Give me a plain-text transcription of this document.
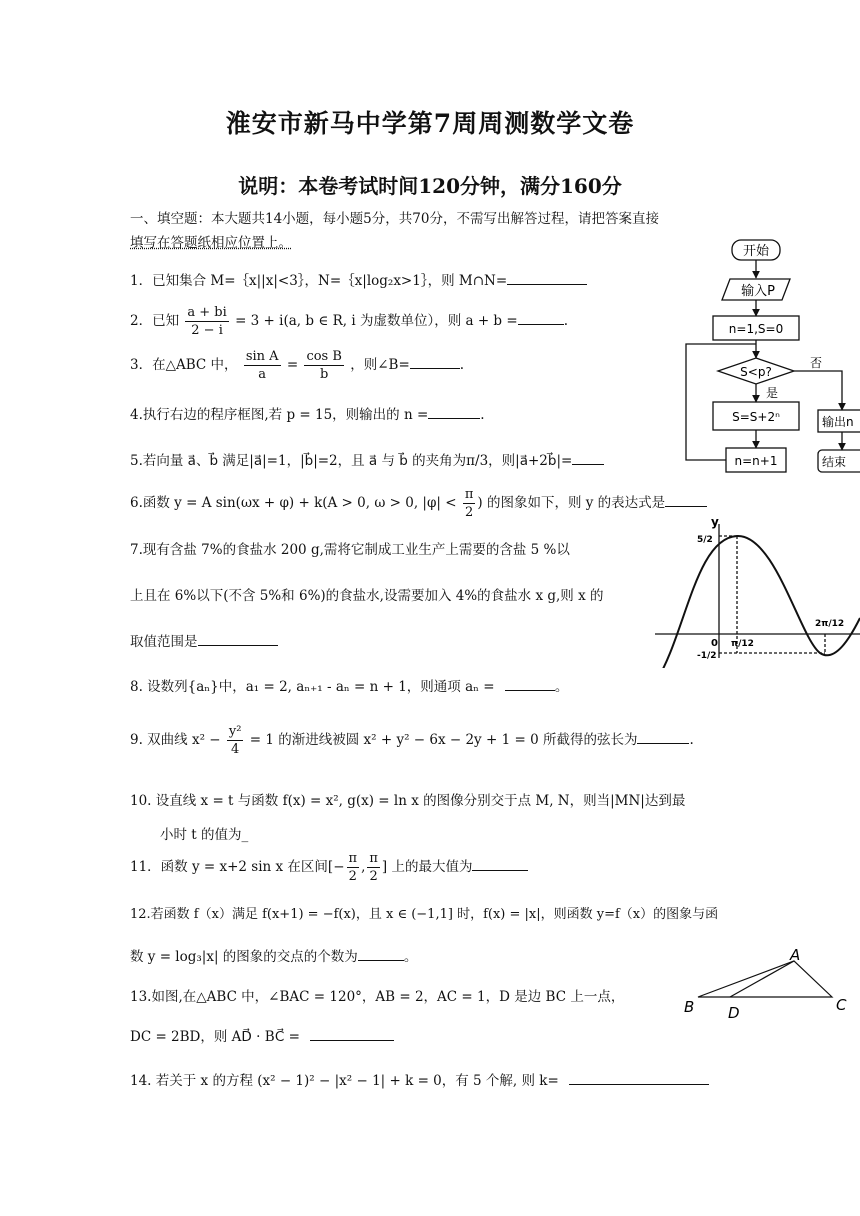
淮安市新马中学第7周周测数学文卷
说明：本卷考试时间120分钟，满分160分
一、填空题：本大题共14小题，每小题5分，共70分，不需写出解答过程，请把答案直接
填写在答题纸相应位置上。
1．已知集合 M=｛x||x|<3｝，N=｛x|log₂x>1｝，则 M∩N=
2．已知 $\frac{a + bi}{2 - i} = 3 + i(a$, b ∈ R, i 为虚数单位），则 a + b =	.
3．在△ABC 中， $\frac{\text{sin A}}{a} = \frac{\text{cos B}}{b}$ ，则∠B=	.
4.执行右边的程序框图,若 p = 15，则输出的 n =	.
5.若向量 a⃗、b⃗ 满足|a⃗|=1，|b⃗|=2，且 a⃗ 与 b⃗ 的夹角为π/3，则|a⃗+2b⃗|=
6.函数 y = A sin(ωx + φ) + k(A > 0, ω > 0, $|\varphi| < \frac{\pi}{2}$ ) 的图象如下，则 y 的表达式是
7.现有含盐 7%的食盐水 200 g,需将它制成工业生产上需要的含盐 5 %以
上且在 6%以下(不含 5%和 6%)的食盐水,设需要加入 4%的食盐水 x g,则 x 的
取值范围是
8. 设数列{aₙ}中，a₁ = 2, aₙ₊₁ - aₙ = n + 1，则通项 aₙ =	。
9. 双曲线 $x^2 - \frac{\text{y²}}{4} = 1$ 的渐进线被圆 x² + y² − 6x − 2y + 1 = 0 所截得的弦长为	.
10. 设直线 x = t 与函数 f(x) = x², g(x) = ln x 的图像分别交于点 M, N，则当|MN|达到最
小时 t 的值为_
11．函数 y = x+2 sin x 在区间[− $\frac{\pi}{2}$ , $\frac{\pi}{2}$ ] 上的最大值为
12.若函数 f（x）满足 f(x+1) = −f(x)，且 x ∈ (−1,1] 时，f(x) = |x|，则函数 y=f（x）的图象与函
数 y = log₃|x| 的图象的交点的个数为	。
13.如图,在△ABC 中，∠BAC = 120°，AB = 2，AC = 1，D 是边 BC 上一点，
DC = 2BD，则 AD⃗ · BC⃗ =
14. 若关于 x 的方程 (x² − 1)² − |x² − 1| + k = 0，有 5 个解, 则 k=
开始
输入P
n=1,S=0
S<p?
否
是
S=S+2ⁿ
n=n+1
输出n
结束
y
5/2
0
-1/2
π/12
2π/12
A
B	C
D
